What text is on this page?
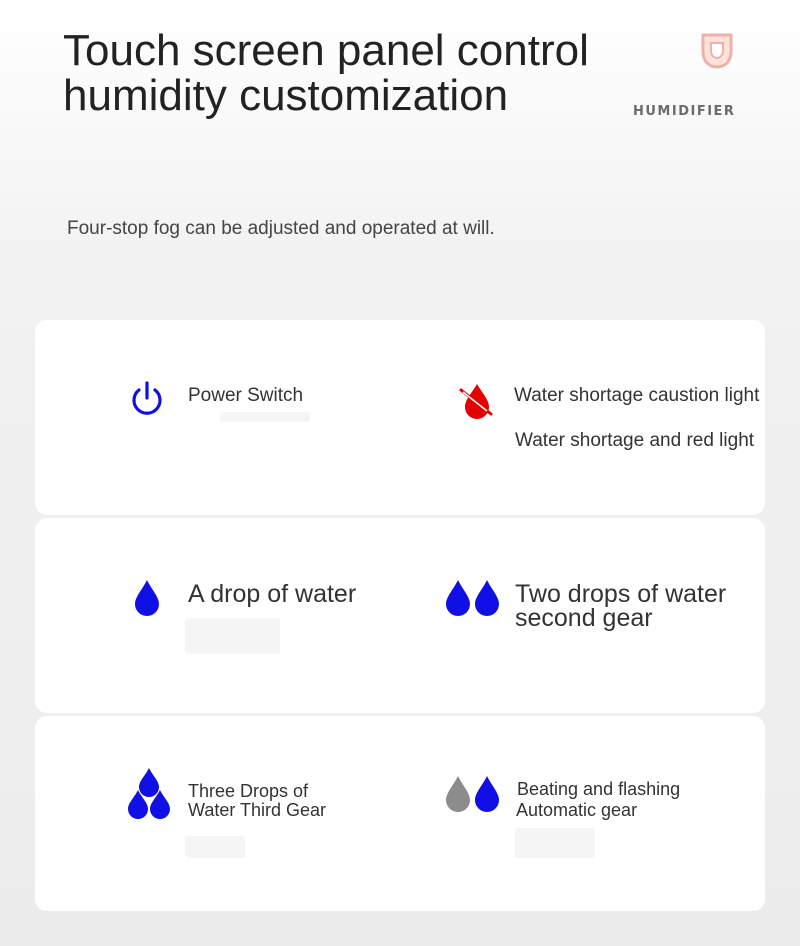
Touch screen panel control
humidity customization	HUMIDIFIER

Four-stop fog can be adjusted and operated at will.

Power Switch	Water shortage caustion light

Water shortage and red light

A drop of water	Two drops of water

second gear

Three Drops of

Water Third Gear

Beating and flashing

Automatic gear
